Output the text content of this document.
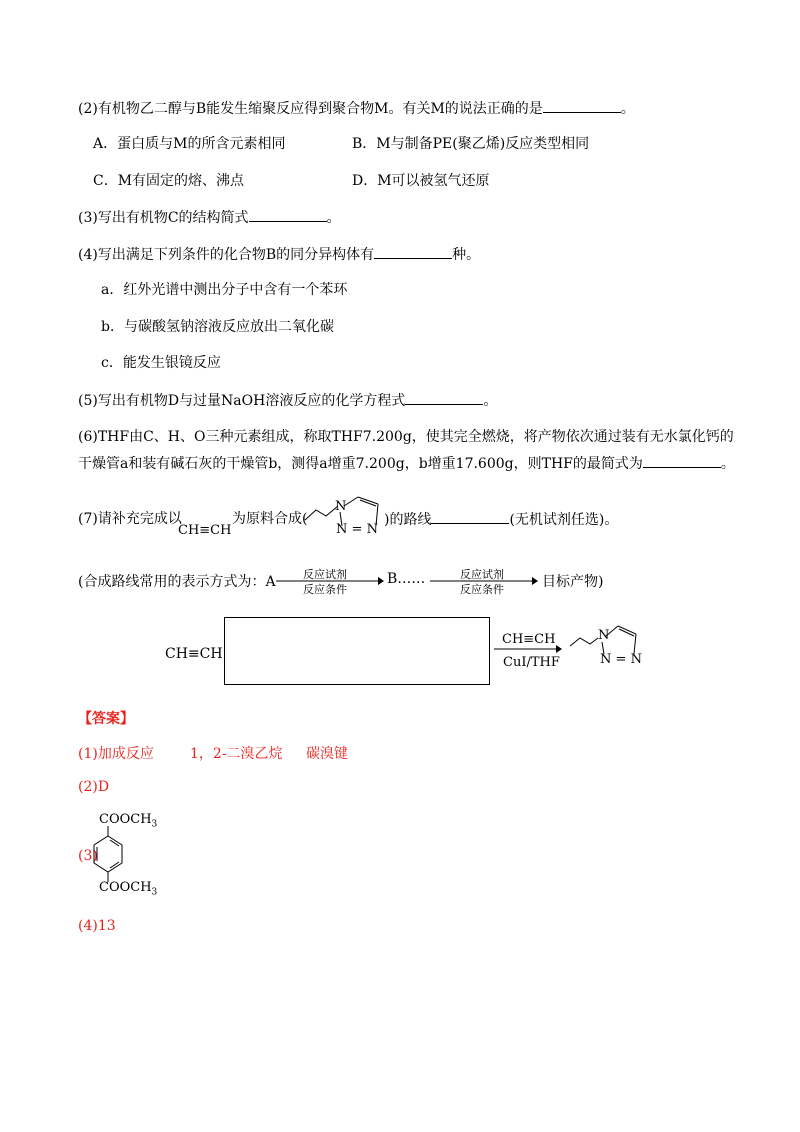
(2)有机物乙二醇与B能发生缩聚反应得到聚合物M。有关M的说法正确的是	。
A．蛋白质与M的所含元素相同	B．M与制备PE(聚乙烯)反应类型相同
C．M有固定的熔、沸点	D．M可以被氢气还原
(3)写出有机物C的结构简式	。
(4)写出满足下列条件的化合物B的同分异构体有	种。
a．红外光谱中测出分子中含有一个苯环
b．与碳酸氢钠溶液反应放出二氧化碳
c．能发生银镜反应
(5)写出有机物D与过量NaOH溶液反应的化学方程式	。
(6)THF由C、H、O三种元素组成，称取THF7.200g，使其完全燃烧，将产物依次通过装有无水氯化钙的
干燥管a和装有碱石灰的干燥管b，测得a增重7.200g，b增重17.600g，则THF的最简式为	。
(7)请补充完成以
CH≡CH
为原料合成(
N
N = N
)的路线	(无机试剂任选)。
(合成路线常用的表示方式为：A 反应试剂
反应条件
B……	反应试剂
反应条件	目标产物)
CH≡CH
CH≡CH
CuI/THF
N
N = N
【答案】
(1)加成反应	1，2-二溴乙烷 碳溴键
(2)D
(3)
$COOCH_3$
$COOCH_3$
(4)13
